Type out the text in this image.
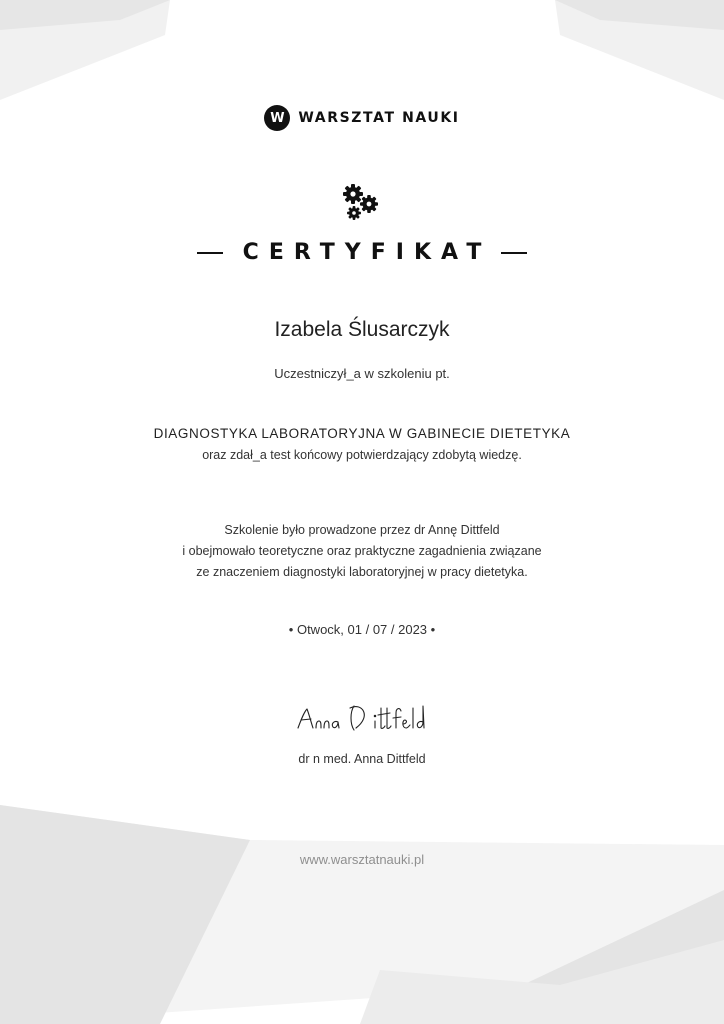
W WARSZTAT NAUKI
CERTYFIKAT
Izabela Ślusarczyk
Uczestniczył_a w szkoleniu pt.
DIAGNOSTYKA LABORATORYJNA W GABINECIE DIETETYKA
oraz zdał_a test końcowy potwierdzający zdobytą wiedzę.
Szkolenie było prowadzone przez dr Annę Dittfeld
i obejmowało teoretyczne oraz praktyczne zagadnienia związane
ze znaczeniem diagnostyki laboratoryjnej w pracy dietetyka.
• Otwock, 01 / 07 / 2023 •
dr n med. Anna Dittfeld
www.warsztatnauki.pl
